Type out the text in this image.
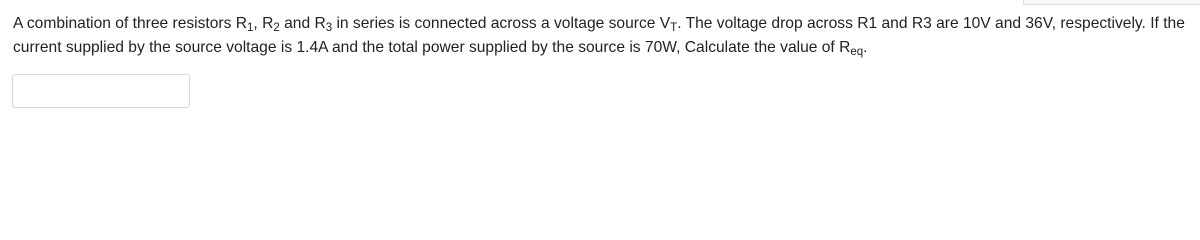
A combination of three resistors R1, R2 and R3 in series is connected across a voltage source VT. The voltage drop across R1 and R3 are 10V and 36V, respectively. If the
current supplied by the source voltage is 1.4A and the total power supplied by the source is 70W, Calculate the value of Req.
